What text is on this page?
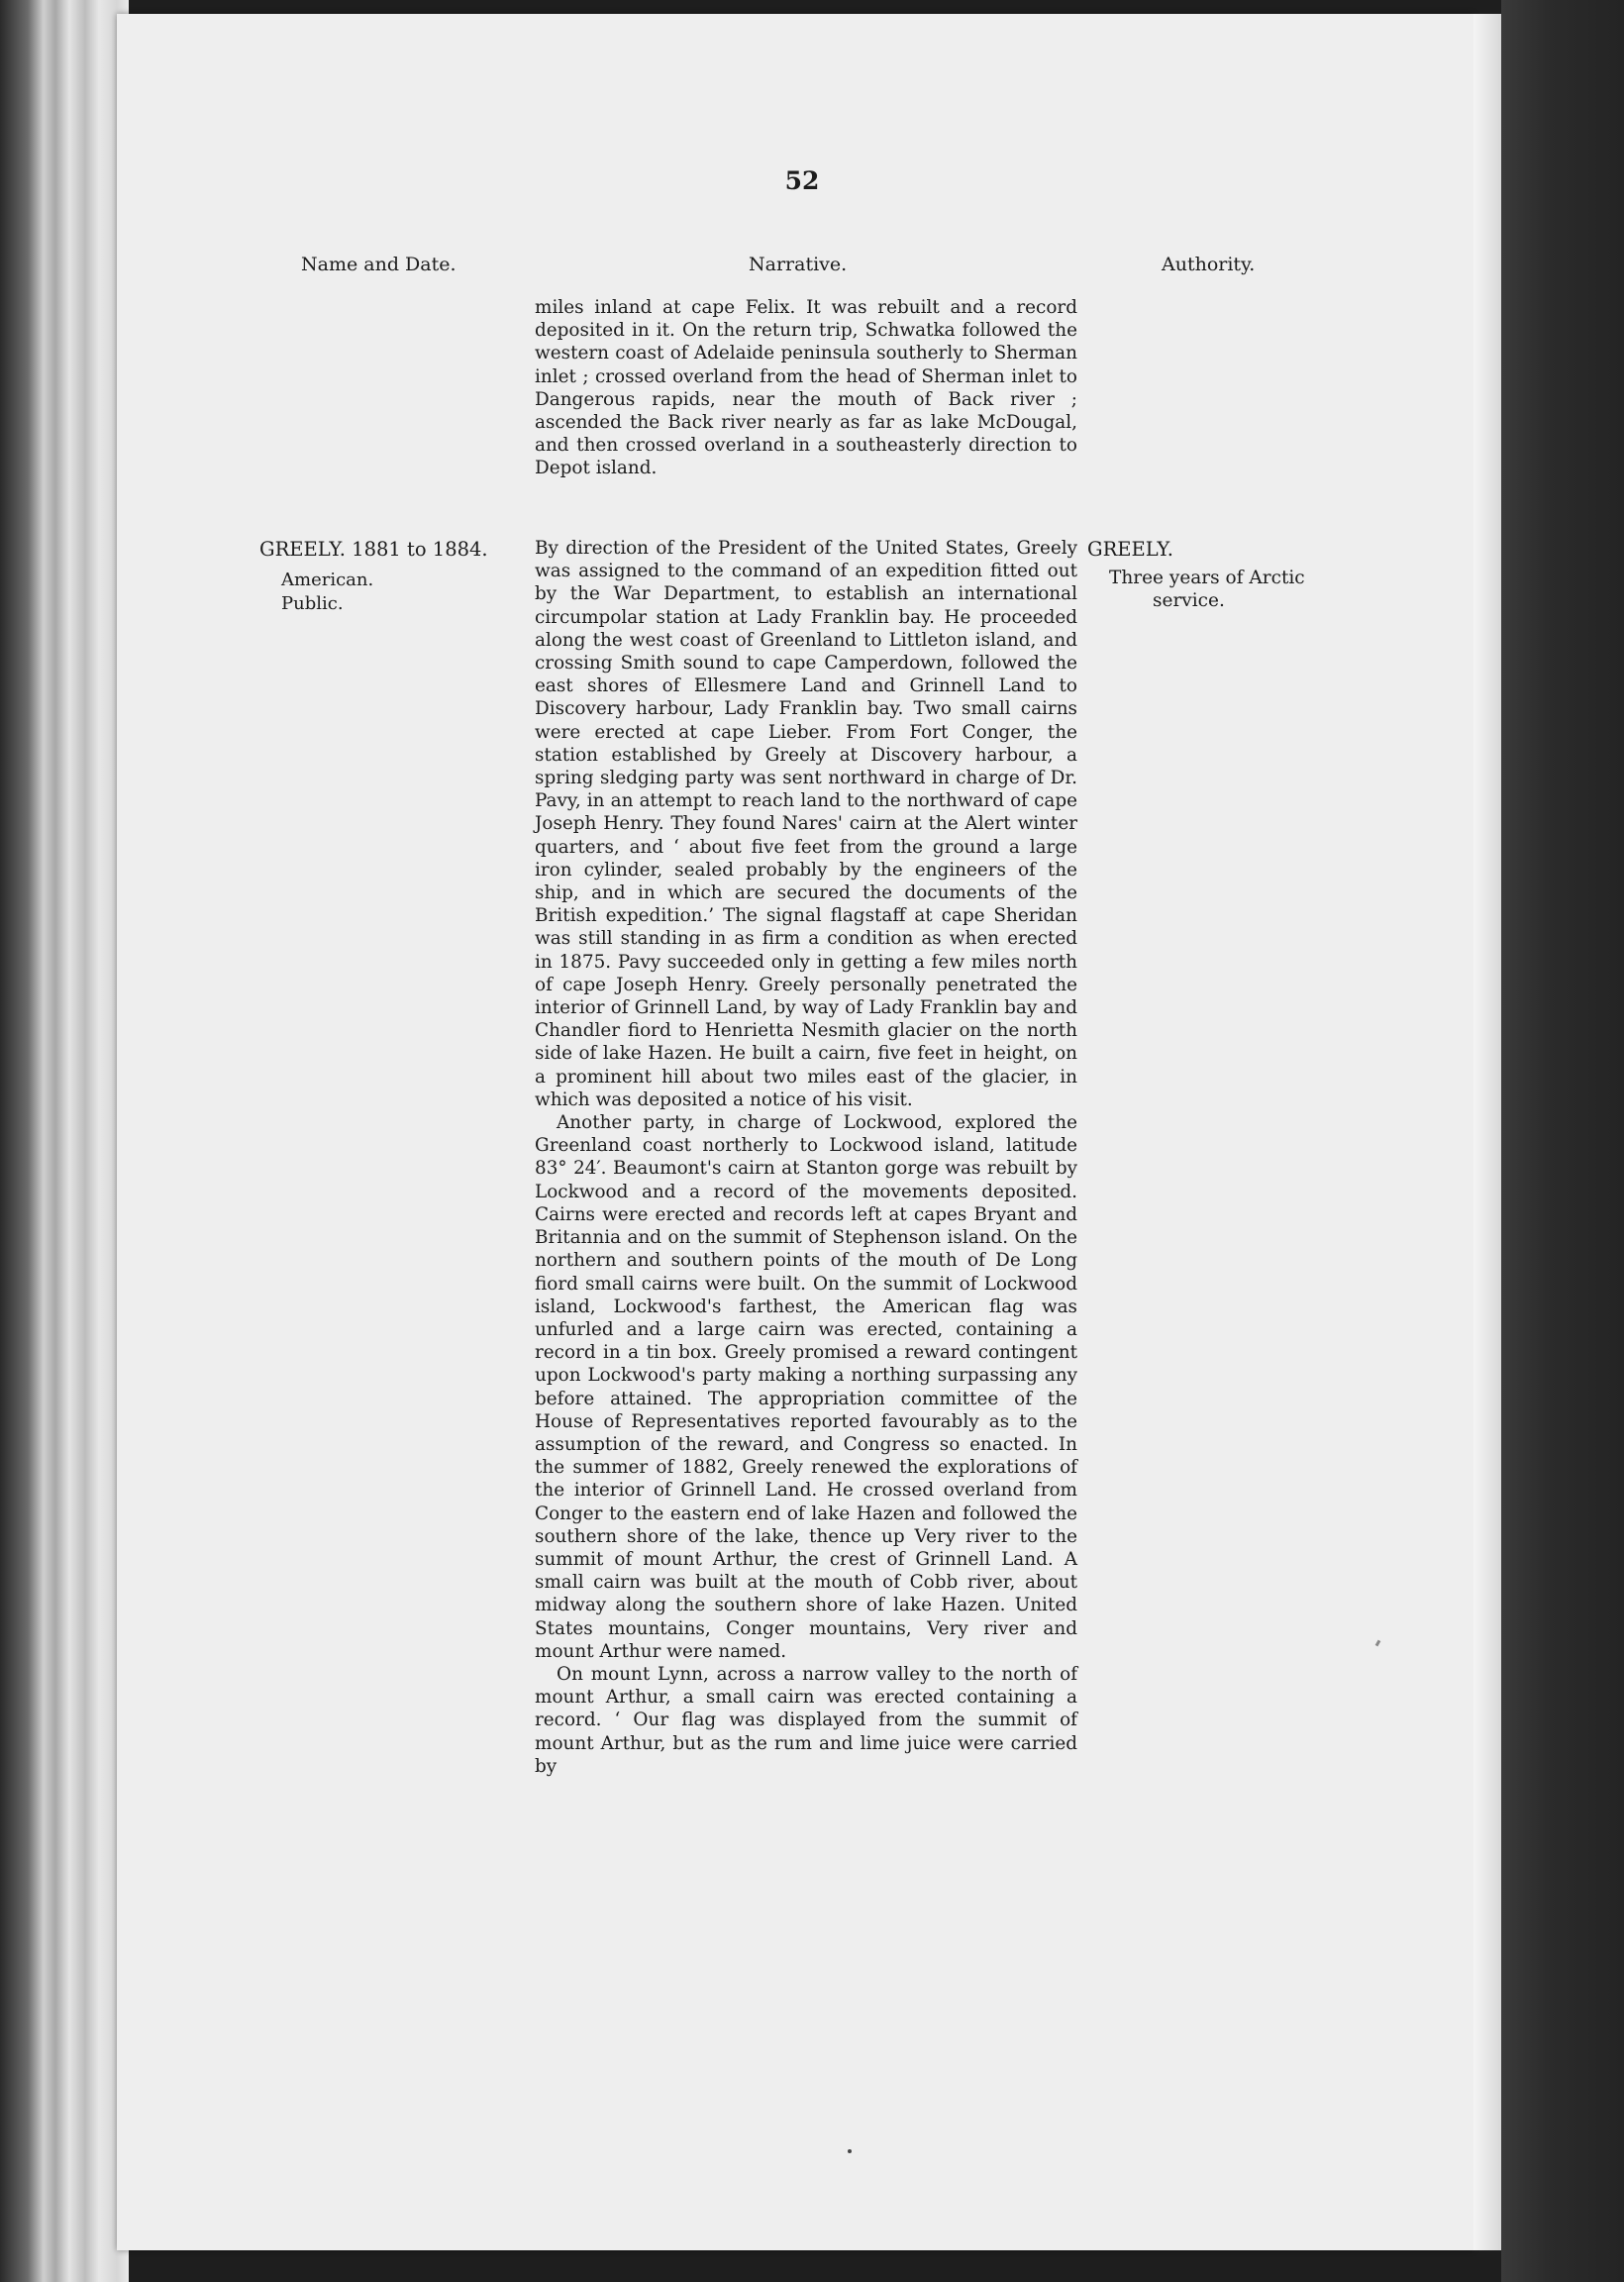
52
Name and Date.	Narrative.	Authority.

miles inland at cape Felix. It was rebuilt and a record deposited in it. On the return trip, Schwatka followed the western coast of Adelaide peninsula southerly to Sherman inlet ; crossed overland from the head of Sherman inlet to Dangerous rapids, near the mouth of Back river ; ascended the Back river nearly as far as lake McDougal, and then crossed overland in a southeasterly direction to Depot island.

GREELY. 1881 to 1884.
American.
Public.

By direction of the President of the United States, Greely was assigned to the command of an expedition fitted out by the War Department, to establish an international circumpolar station at Lady Franklin bay. He proceeded along the west coast of Greenland to Littleton island, and crossing Smith sound to cape Camperdown, followed the east shores of Ellesmere Land and Grinnell Land to Discovery harbour, Lady Franklin bay. Two small cairns were erected at cape Lieber. From Fort Conger, the station established by Greely at Discovery harbour, a spring sledging party was sent northward in charge of Dr. Pavy, in an attempt to reach land to the northward of cape Joseph Henry. They found Nares' cairn at the Alert winter quarters, and ‘ about five feet from the ground a large iron cylinder, sealed probably by the engineers of the ship, and in which are secured the documents of the British expedition.’ The signal flagstaff at cape Sheridan was still standing in as firm a condition as when erected in 1875. Pavy succeeded only in getting a few miles north of cape Joseph Henry. Greely personally penetrated the interior of Grinnell Land, by way of Lady Franklin bay and Chandler fiord to Henrietta Nesmith glacier on the north side of lake Hazen. He built a cairn, five feet in height, on a prominent hill about two miles east of the glacier, in which was deposited a notice of his visit.

Another party, in charge of Lockwood, explored the Greenland coast northerly to Lockwood island, latitude 83° 24′. Beaumont's cairn at Stanton gorge was rebuilt by Lockwood and a record of the movements deposited. Cairns were erected and records left at capes Bryant and Britannia and on the summit of Stephenson island. On the northern and southern points of the mouth of De Long fiord small cairns were built. On the summit of Lockwood island, Lockwood's farthest, the American flag was unfurled and a large cairn was erected, containing a record in a tin box. Greely promised a reward contingent upon Lockwood's party making a northing surpassing any before attained. The appropriation committee of the House of Representatives reported favourably as to the assumption of the reward, and Congress so enacted. In the summer of 1882, Greely renewed the explorations of the interior of Grinnell Land. He crossed overland from Conger to the eastern end of lake Hazen and followed the southern shore of the lake, thence up Very river to the summit of mount Arthur, the crest of Grinnell Land. A small cairn was built at the mouth of Cobb river, about midway along the southern shore of lake Hazen. United States mountains, Conger mountains, Very river and mount Arthur were named.

On mount Lynn, across a narrow valley to the north of mount Arthur, a small cairn was erected containing a record. ‘ Our flag was displayed from the summit of mount Arthur, but as the rum and lime juice were carried by

GREELY.
Three years of Arctic
service.
